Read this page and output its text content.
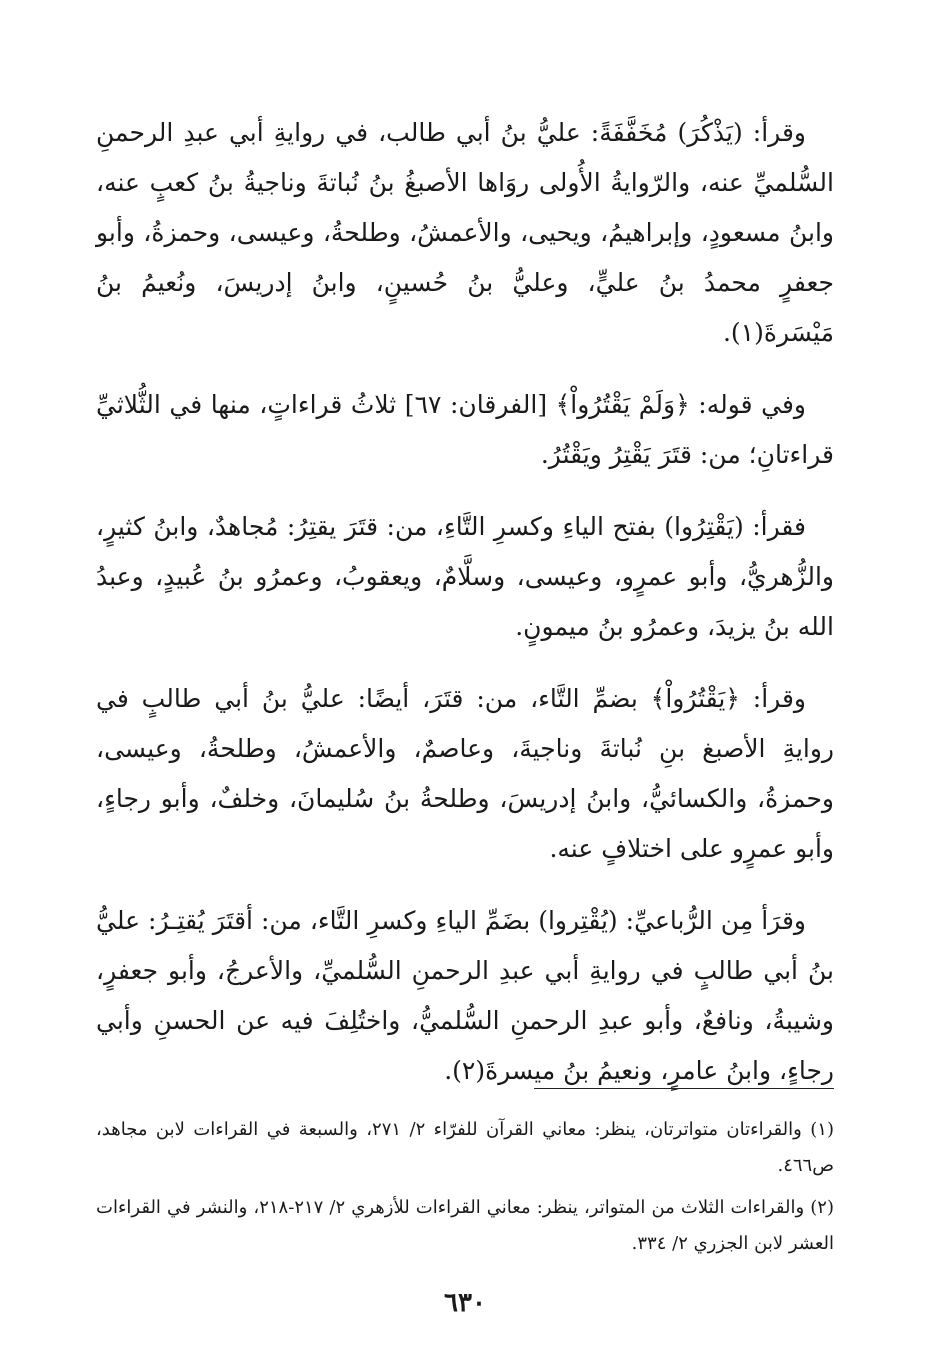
وقرأ: (يَذْكُرَ) مُخَفَّفَةً: عليُّ بنُ أبي طالب، في روايةِ أبي عبدِ الرحمنِ السُّلميِّ عنه، والرّوايةُ الأُولى روَاها الأصبغُ بنُ نُباتةَ وناجيةُ بنُ كعبٍ عنه، وابنُ مسعودٍ، وإبراهيمُ، ويحيى، والأعمشُ، وطلحةُ، وعيسى، وحمزةُ، وأبو جعفرٍ محمدُ بنُ عليٍّ، وعليُّ بنُ حُسينٍ، وابنُ إدريسَ، ونُعيمُ بنُ مَيْسَرةَ(١).

وفي قوله: ﴿وَلَمْ يَقْتُرُواْ﴾ [الفرقان: ٦٧] ثلاثُ قراءاتٍ، منها في الثُّلاثيِّ قراءتانِ؛ من: قتَرَ يَقْتِرُ ويَقْتُرُ.

فقرأ: (يَقْتِرُوا) بفتح الياءِ وكسرِ التَّاءِ، من: قتَرَ يقتِرُ: مُجاهدٌ، وابنُ كثيرٍ، والزُّهريُّ، وأبو عمرٍو، وعيسى، وسلَّامٌ، ويعقوبُ، وعمرُو بنُ عُبيدٍ، وعبدُ الله بنُ يزيدَ، وعمرُو بنُ ميمونٍ.

وقرأ: ﴿يَقْتُرُواْ﴾ بضمِّ التَّاء، من: قتَرَ، أيضًا: عليُّ بنُ أبي طالبٍ في روايةِ الأصبغ بنِ نُباتةَ وناجيةَ، وعاصمٌ، والأعمشُ، وطلحةُ، وعيسى، وحمزةُ، والكسائيُّ، وابنُ إدريسَ، وطلحةُ بنُ سُليمانَ، وخلفٌ، وأبو رجاءٍ، وأبو عمرٍو على اختلافٍ عنه.

وقرَأ مِن الرُّباعيِّ: (يُقْتِروا) بضَمِّ الياءِ وكسرِ التَّاء، من: أقتَرَ يُقتِـرُ: عليُّ بنُ أبي طالبٍ في روايةِ أبي عبدِ الرحمنِ السُّلميِّ، والأعرجُ، وأبو جعفرٍ، وشيبةُ، ونافعٌ، وأبو عبدِ الرحمنِ السُّلميُّ، واختُلِفَ فيه عن الحسنِ وأبي رجاءٍ، وابنُ عامرٍ، ونعيمُ بنُ ميسرةَ(٢).

(١) والقراءتان متواترتان، ينظر: معاني القرآن للفرّاء ٢/ ٢٧١، والسبعة في القراءات لابن مجاهد، ص٤٦٦.

(٢) والقراءات الثلاث من المتواتر، ينظر: معاني القراءات للأزهري ٢/ ٢١٧-٢١٨، والنشر في القراءات العشر لابن الجزري ٢/ ٣٣٤.

٦٣٠
